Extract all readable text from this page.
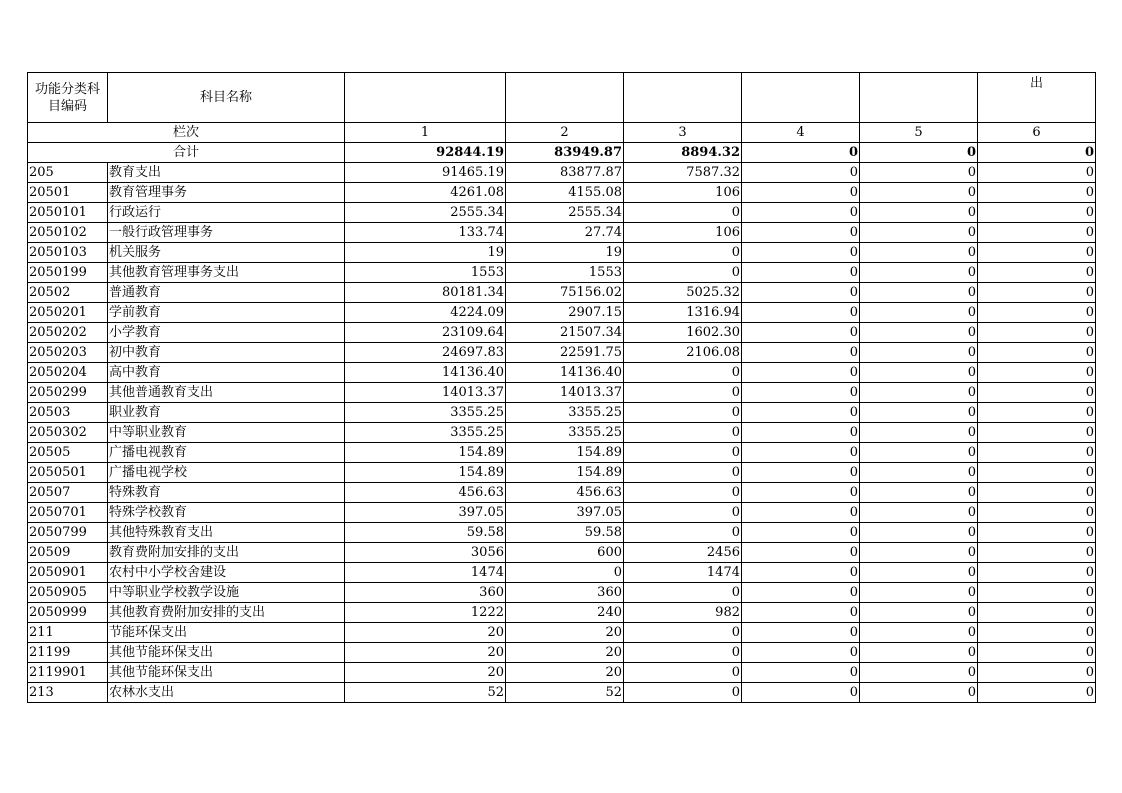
功能分类科目编码	科目名称						出
栏次		1	2	3	4	5	6
合计		92844.19	83949.87	8894.32	0	0	0
205	教育支出	91465.19	83877.87	7587.32	0	0	0
20501	教育管理事务	4261.08	4155.08	106	0	0	0
2050101	行政运行	2555.34	2555.34	0	0	0	0
2050102	一般行政管理事务	133.74	27.74	106	0	0	0
2050103	机关服务	19	19	0	0	0	0
2050199	其他教育管理事务支出	1553	1553	0	0	0	0
20502	普通教育	80181.34	75156.02	5025.32	0	0	0
2050201	学前教育	4224.09	2907.15	1316.94	0	0	0
2050202	小学教育	23109.64	21507.34	1602.30	0	0	0
2050203	初中教育	24697.83	22591.75	2106.08	0	0	0
2050204	高中教育	14136.40	14136.40	0	0	0	0
2050299	其他普通教育支出	14013.37	14013.37	0	0	0	0
20503	职业教育	3355.25	3355.25	0	0	0	0
2050302	中等职业教育	3355.25	3355.25	0	0	0	0
20505	广播电视教育	154.89	154.89	0	0	0	0
2050501	广播电视学校	154.89	154.89	0	0	0	0
20507	特殊教育	456.63	456.63	0	0	0	0
2050701	特殊学校教育	397.05	397.05	0	0	0	0
2050799	其他特殊教育支出	59.58	59.58	0	0	0	0
20509	教育费附加安排的支出	3056	600	2456	0	0	0
2050901	农村中小学校舍建设	1474	0	1474	0	0	0
2050905	中等职业学校教学设施	360	360	0	0	0	0
2050999	其他教育费附加安排的支出	1222	240	982	0	0	0
211	节能环保支出	20	20	0	0	0	0
21199	其他节能环保支出	20	20	0	0	0	0
2119901	其他节能环保支出	20	20	0	0	0	0
213	农林水支出	52	52	0	0	0	0
